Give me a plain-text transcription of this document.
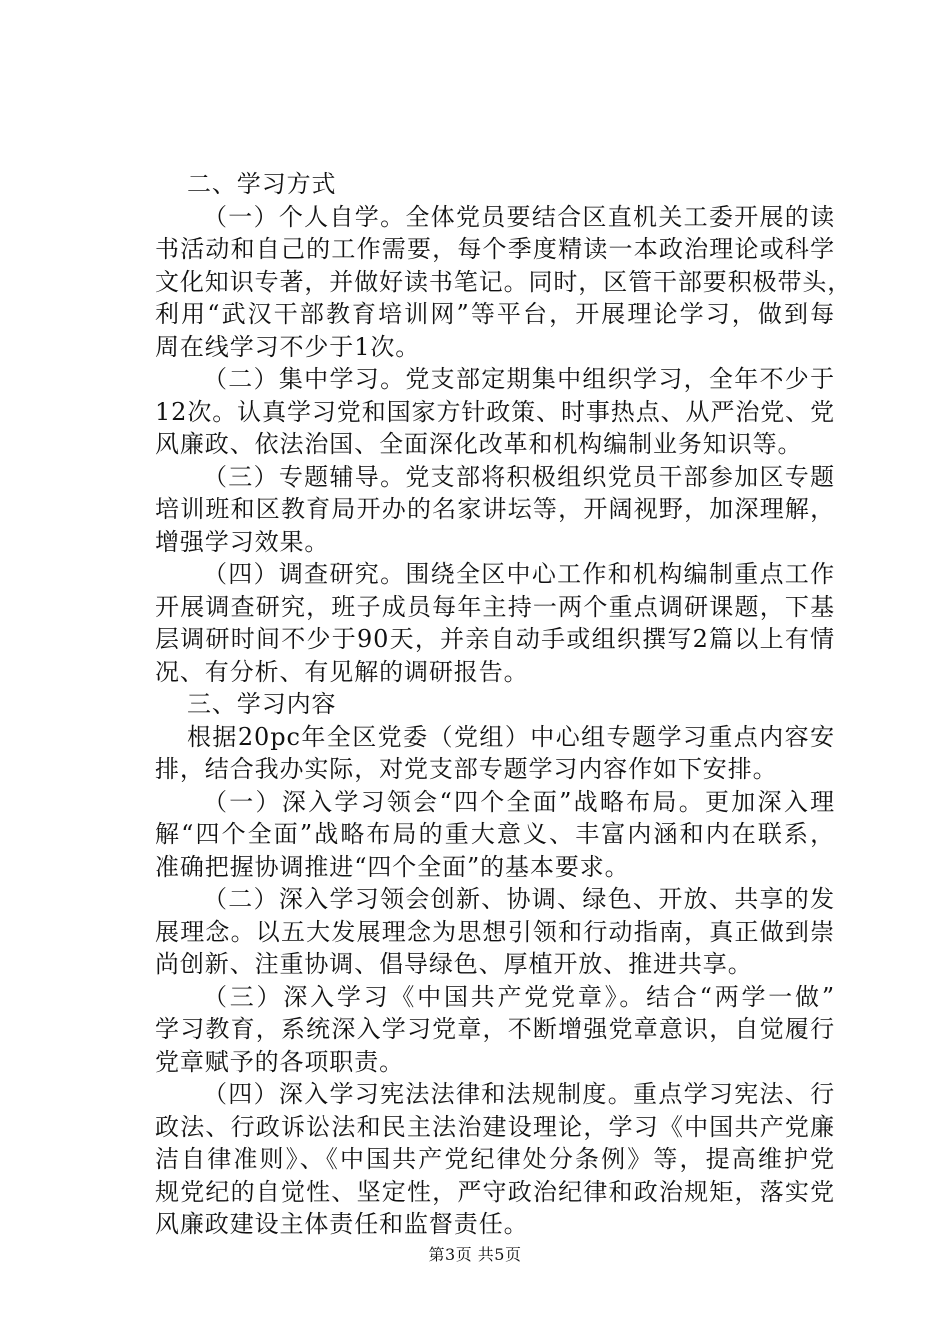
二、学习方式
（一）个人自学。全体党员要结合区直机关工委开展的读
书活动和自己的工作需要，每个季度精读一本政治理论或科学
文化知识专著，并做好读书笔记。同时，区管干部要积极带头，
利用“武汉干部教育培训网”等平台，开展理论学习，做到每
周在线学习不少于1次。
（二）集中学习。党支部定期集中组织学习，全年不少于
12次。认真学习党和国家方针政策、时事热点、从严治党、党
风廉政、依法治国、全面深化改革和机构编制业务知识等。
（三）专题辅导。党支部将积极组织党员干部参加区专题
培训班和区教育局开办的名家讲坛等，开阔视野，加深理解，
增强学习效果。
（四）调查研究。围绕全区中心工作和机构编制重点工作
开展调查研究，班子成员每年主持一两个重点调研课题，下基
层调研时间不少于90天，并亲自动手或组织撰写2篇以上有情
况、有分析、有见解的调研报告。
三、学习内容
根据20pc年全区党委（党组）中心组专题学习重点内容安
排，结合我办实际，对党支部专题学习内容作如下安排。
（一）深入学习领会“四个全面”战略布局。更加深入理
解“四个全面”战略布局的重大意义、丰富内涵和内在联系，
准确把握协调推进“四个全面”的基本要求。
（二）深入学习领会创新、协调、绿色、开放、共享的发
展理念。以五大发展理念为思想引领和行动指南，真正做到崇
尚创新、注重协调、倡导绿色、厚植开放、推进共享。
（三）深入学习《中国共产党党章》。结合“两学一做”
学习教育，系统深入学习党章，不断增强党章意识，自觉履行
党章赋予的各项职责。
（四）深入学习宪法法律和法规制度。重点学习宪法、行
政法、行政诉讼法和民主法治建设理论，学习《中国共产党廉
洁自律准则》、《中国共产党纪律处分条例》等，提高维护党
规党纪的自觉性、坚定性，严守政治纪律和政治规矩，落实党
风廉政建设主体责任和监督责任。
第3页 共5页
